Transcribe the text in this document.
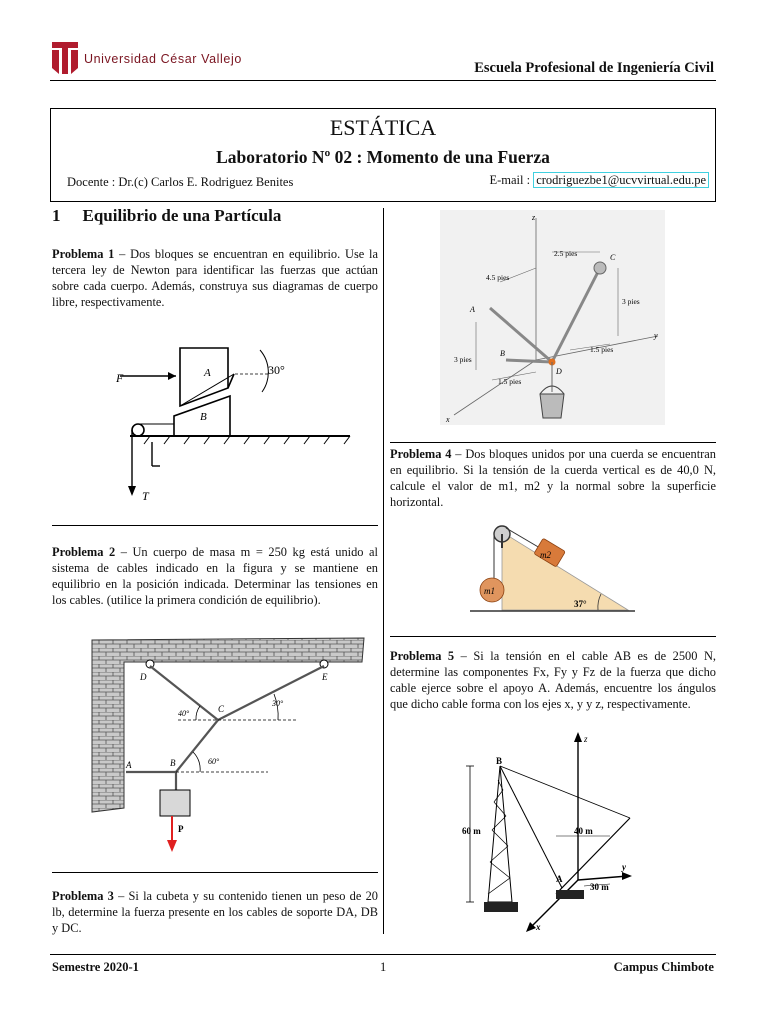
Universidad César Vallejo
Escuela Profesional de Ingeniería Civil
ESTÁTICA
Laboratorio Nº 02 : Momento de una Fuerza
Docente : Dr.(c) Carlos E. Rodriguez Benites	E-mail : crodriguezbe1@ucvvirtual.edu.pe
1 Equilibrio de una Partícula
Problema 1 – Dos bloques se encuentran en equilibrio. Use la tercera ley de Newton para identificar las fuerzas que actúan sobre cada cuerpo. Además, construya sus diagramas de cuerpo libre, respectivamente.
F	A
B
30°
T
Problema 2 – Un cuerpo de masa m = 250 kg está unido al sistema de cables indicado en la figura y se mantiene en equilibrio en la posición indicada. Determinar las tensiones en los cables. (utilice la primera condición de equilibrio).
D	E
C
B
A
P
40°
30°
60°
Problema 3 – Si la cubeta y su contenido tienen un peso de 20 lb, determine la fuerza presente en los cables de soporte DA, DB y DC.
z
y
x
C
A
B
D
2.5 pies
4.5 pies
3 pies
1.5 pies
3 pies
1.5 pies
Problema 4 – Dos bloques unidos por una cuerda se encuentran en equilibrio. Si la tensión de la cuerda vertical es de 40,0 N, calcule el valor de m1, m2 y la normal sobre la superficie horizontal.
m2
m1
37°
Problema 5 – Si la tensión en el cable AB es de 2500 N, determine las componentes Fx, Fy y Fz de la fuerza que dicho cable ejerce sobre el apoyo A. Además, encuentre los ángulos que dicho cable forma con los ejes x, y y z, respectivamente.
z
B
A
y
x
60 m	40 m
30 m
Semestre 2020-1	1	Campus Chimbote
